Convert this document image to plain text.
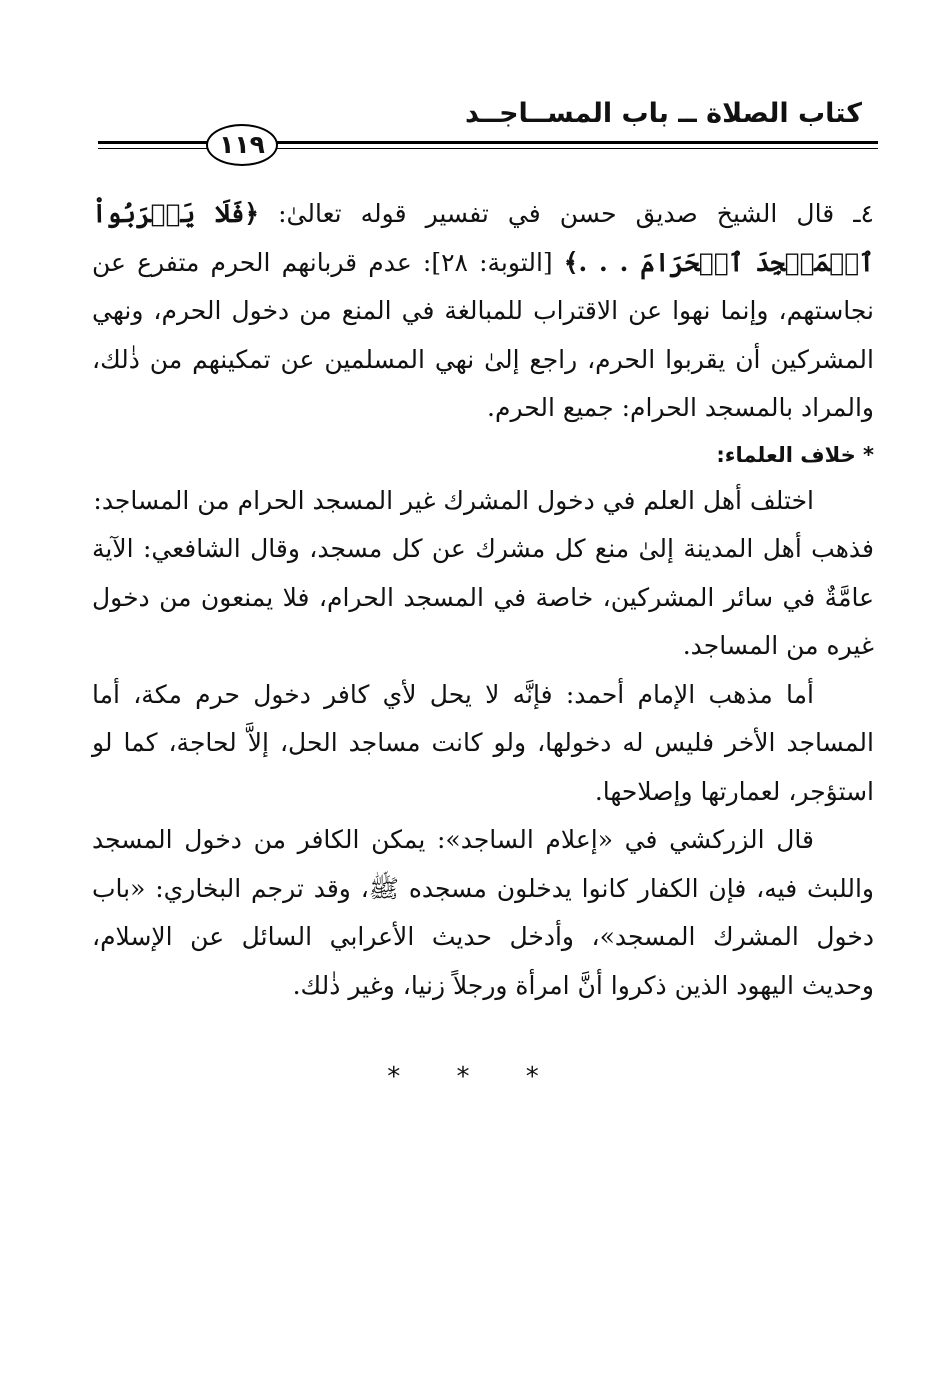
كتاب الصلاة ــ باب المســاجــد
١١٩

٤ـ قال الشيخ صديق حسن في تفسير قوله تعالىٰ: ﴿فَلَا يَقۡرَبُواْ ٱلۡمَسۡجِدَ ٱلۡحَرَامَ . . .﴾ [التوبة: ٢٨]: عدم قربانهم الحرم متفرع عن نجاستهم، وإنما نهوا عن الاقتراب للمبالغة في المنع من دخول الحرم، ونهي المشركين أن يقربوا الحرم، راجع إلىٰ نهي المسلمين عن تمكينهم من ذٰلك، والمراد بالمسجد الحرام: جميع الحرم.

* خلاف العلماء:

اختلف أهل العلم في دخول المشرك غير المسجد الحرام من المساجد:

فذهب أهل المدينة إلىٰ منع كل مشرك عن كل مسجد، وقال الشافعي: الآية عامَّةٌ في سائر المشركين، خاصة في المسجد الحرام، فلا يمنعون من دخول غيره من المساجد.

أما مذهب الإمام أحمد: فإنَّه لا يحل لأي كافر دخول حرم مكة، أما المساجد الأخر فليس له دخولها، ولو كانت مساجد الحل، إلاَّ لحاجة، كما لو استؤجر، لعمارتها وإصلاحها.

قال الزركشي في «إعلام الساجد»: يمكن الكافر من دخول المسجد واللبث فيه، فإن الكفار كانوا يدخلون مسجده ﷺ، وقد ترجم البخاري: «باب دخول المشرك المسجد»، وأدخل حديث الأعرابي السائل عن الإسلام، وحديث اليهود الذين ذكروا أنَّ امرأة ورجلاً زنيا، وغير ذٰلك.

* * *
